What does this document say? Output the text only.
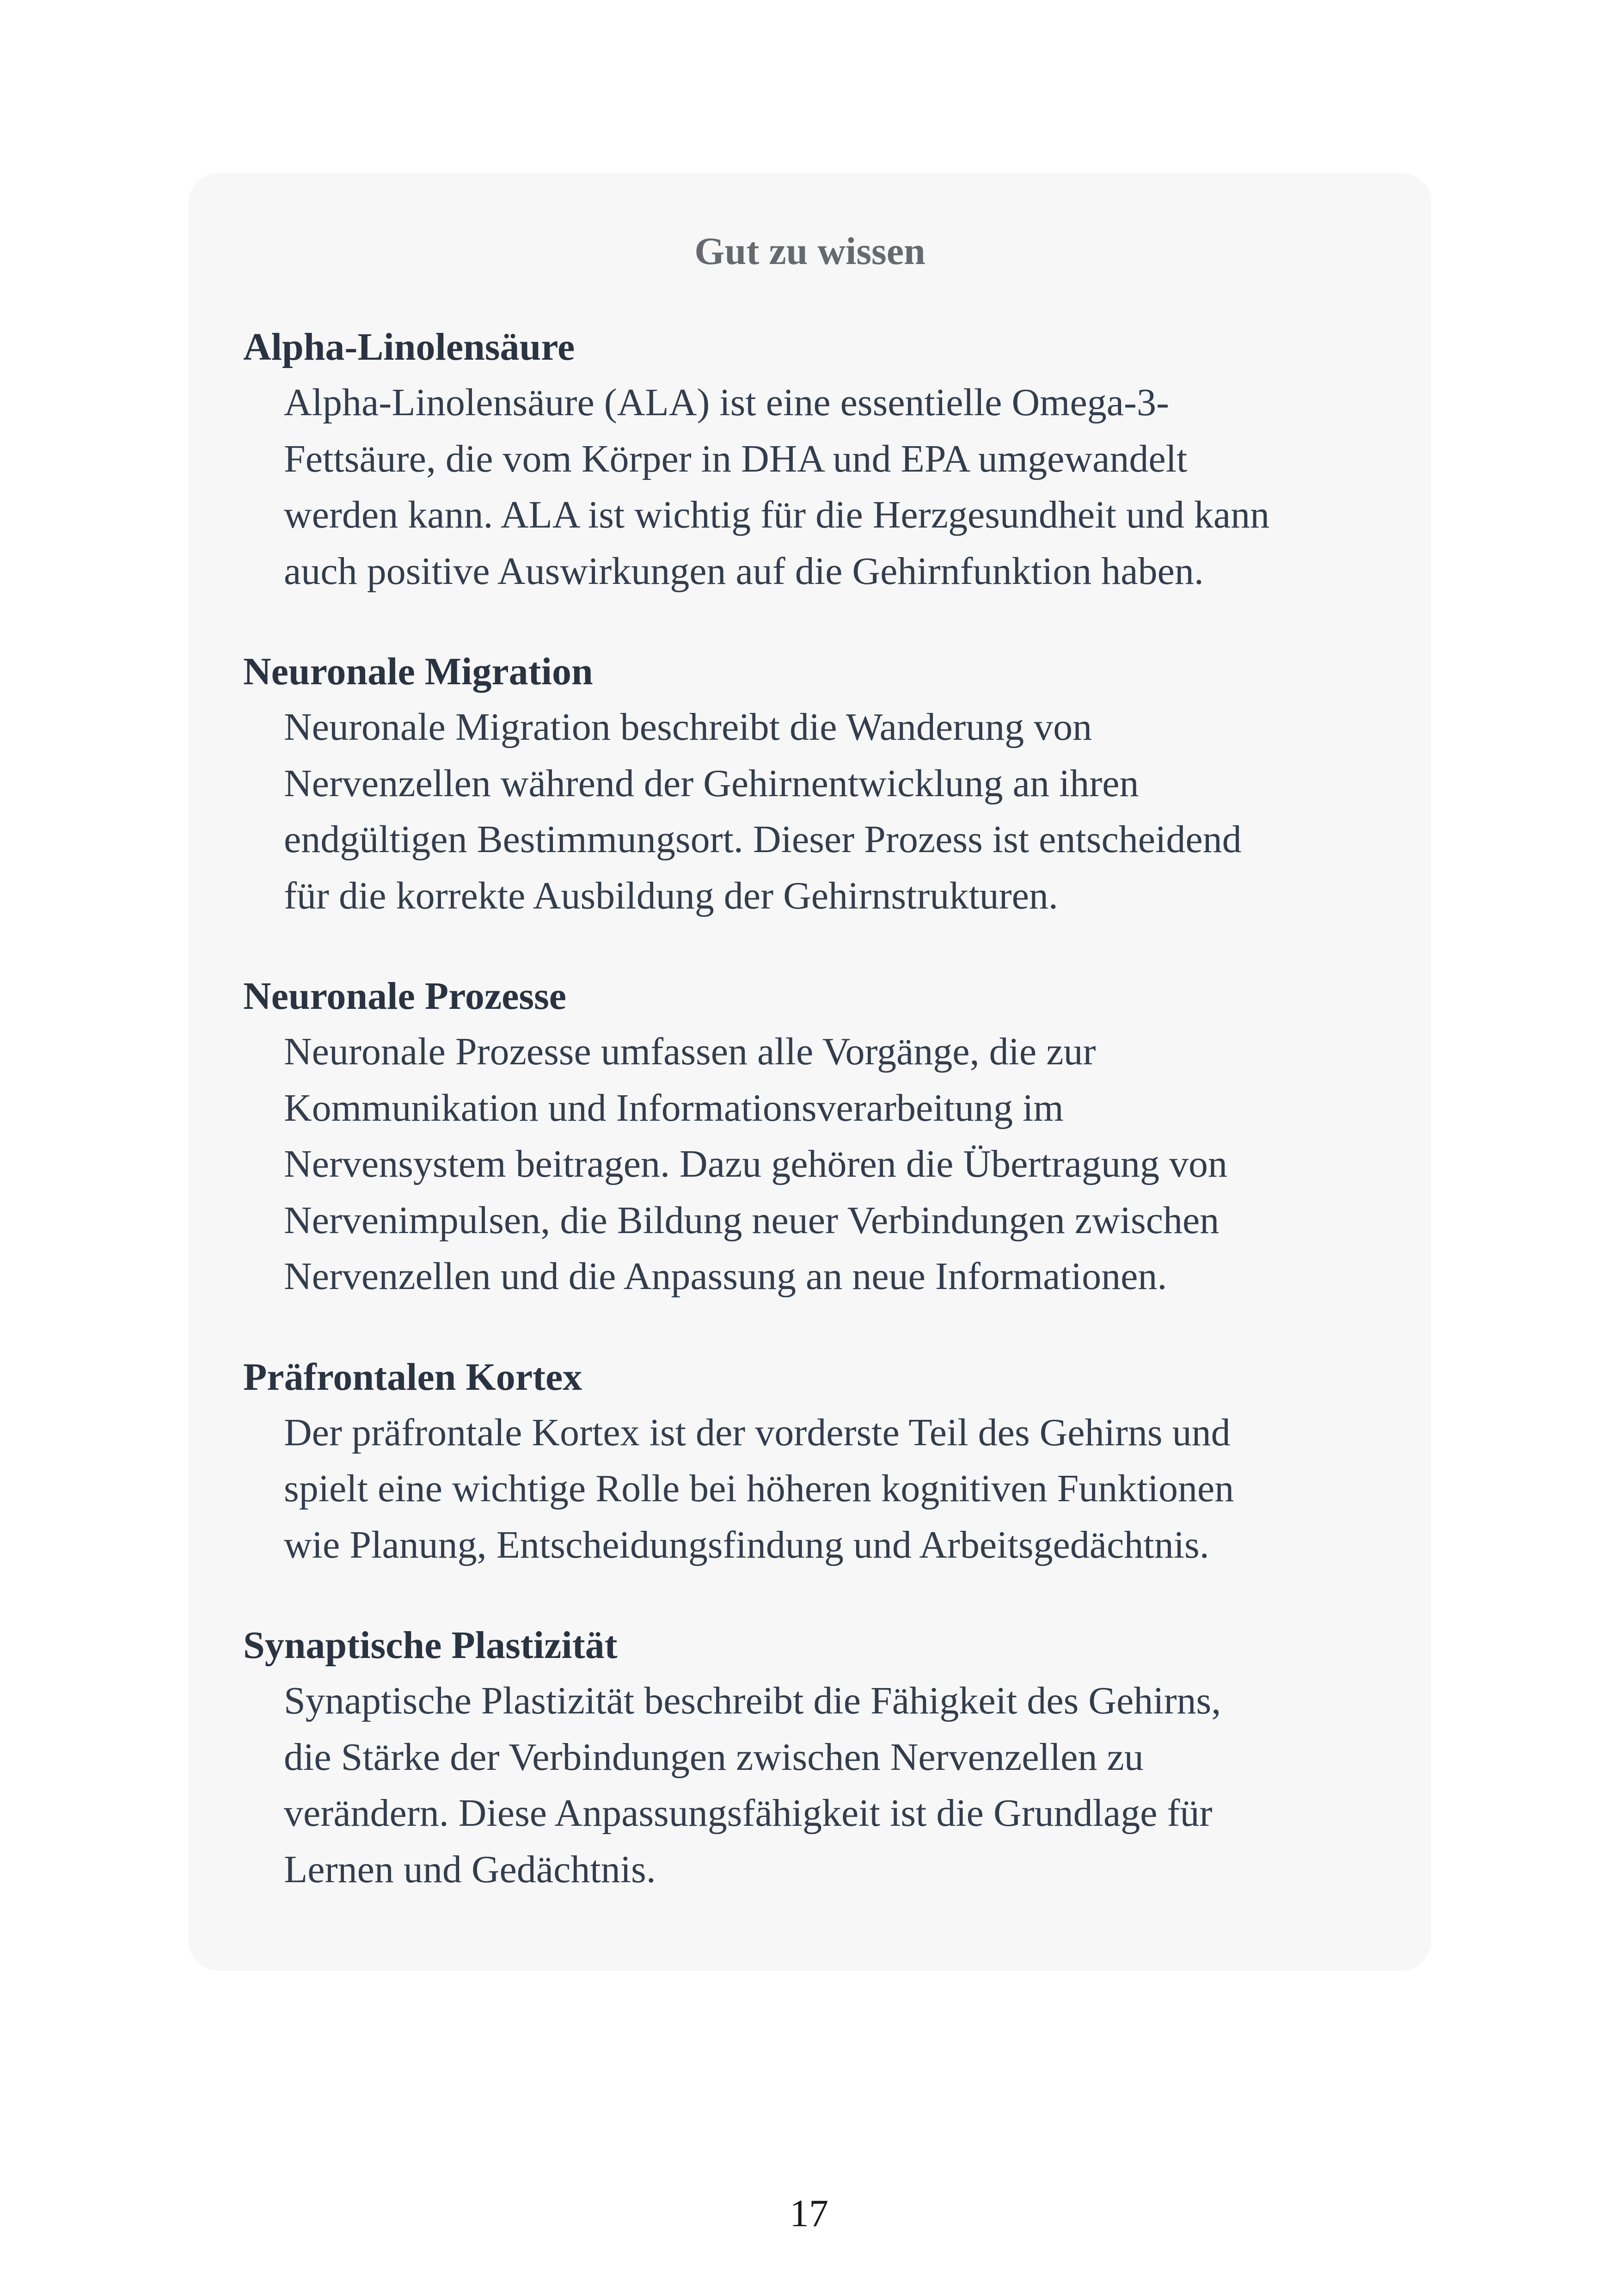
Gut zu wissen
Alpha-Linolensäure
Alpha-Linolensäure (ALA) ist eine essentielle Omega-3-
Fettsäure, die vom Körper in DHA und EPA umgewandelt
werden kann. ALA ist wichtig für die Herzgesundheit und kann
auch positive Auswirkungen auf die Gehirnfunktion haben.
Neuronale Migration
Neuronale Migration beschreibt die Wanderung von
Nervenzellen während der Gehirnentwicklung an ihren
endgültigen Bestimmungsort. Dieser Prozess ist entscheidend
für die korrekte Ausbildung der Gehirnstrukturen.
Neuronale Prozesse
Neuronale Prozesse umfassen alle Vorgänge, die zur
Kommunikation und Informationsverarbeitung im
Nervensystem beitragen. Dazu gehören die Übertragung von
Nervenimpulsen, die Bildung neuer Verbindungen zwischen
Nervenzellen und die Anpassung an neue Informationen.
Präfrontalen Kortex
Der präfrontale Kortex ist der vorderste Teil des Gehirns und
spielt eine wichtige Rolle bei höheren kognitiven Funktionen
wie Planung, Entscheidungsfindung und Arbeitsgedächtnis.
Synaptische Plastizität
Synaptische Plastizität beschreibt die Fähigkeit des Gehirns,
die Stärke der Verbindungen zwischen Nervenzellen zu
verändern. Diese Anpassungsfähigkeit ist die Grundlage für
Lernen und Gedächtnis.
17
